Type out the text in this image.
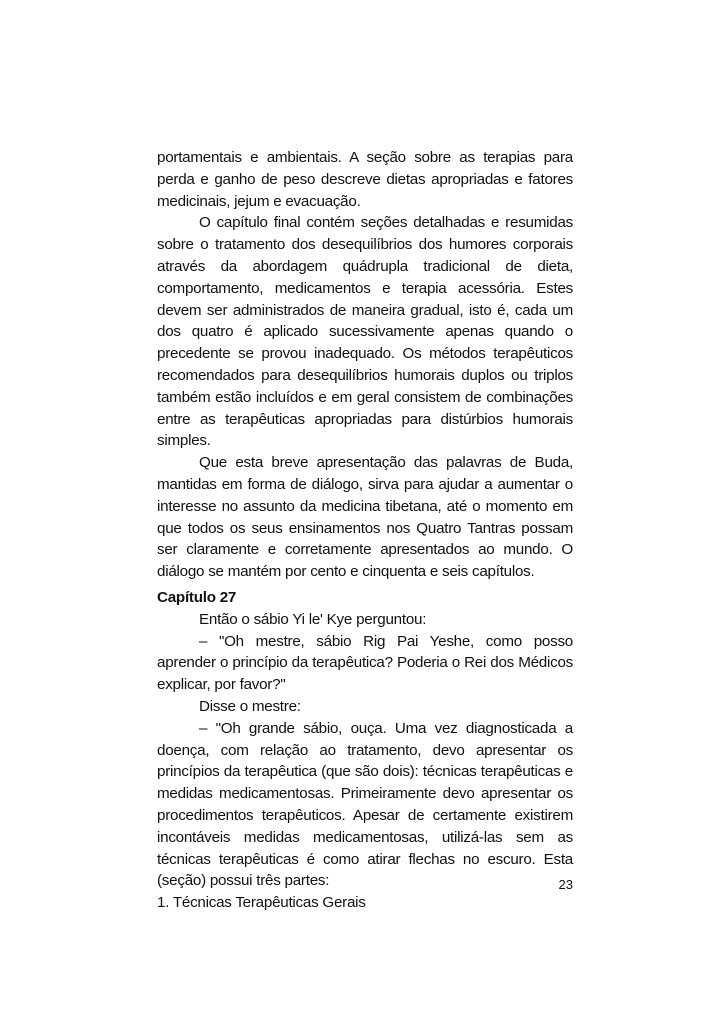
portamentais e ambientais. A seção sobre as terapias para perda e ganho de peso descreve dietas apropriadas e fatores medicinais, jejum e evacuação.

O capítulo final contém seções detalhadas e resumidas sobre o tratamento dos desequilíbrios dos humores corporais através da abordagem quádrupla tradicional de dieta, comportamento, medicamentos e terapia acessória. Estes devem ser administrados de maneira gradual, isto é, cada um dos quatro é aplicado sucessivamente apenas quando o precedente se provou inadequado. Os métodos terapêuticos recomendados para desequilíbrios humorais duplos ou triplos também estão incluídos e em geral consistem de combinações entre as terapêuticas apropriadas para distúrbios humorais simples.

Que esta breve apresentação das palavras de Buda, mantidas em forma de diálogo, sirva para ajudar a aumentar o interesse no assunto da medicina tibetana, até o momento em que todos os seus ensinamentos nos Quatro Tantras possam ser claramente e corretamente apresentados ao mundo. O diálogo se mantém por cento e cinquenta e seis capítulos.

Capítulo 27

Então o sábio Yi le' Kye perguntou:

– "Oh mestre, sábio Rig Pai Yeshe, como posso aprender o princípio da terapêutica? Poderia o Rei dos Médicos explicar, por favor?"

Disse o mestre:

– "Oh grande sábio, ouça. Uma vez diagnosticada a doença, com relação ao tratamento, devo apresentar os princípios da terapêutica (que são dois): técnicas terapêuticas e medidas medicamentosas. Primeiramente devo apresentar os procedimentos terapêuticos. Apesar de certamente existirem incontáveis medidas medicamentosas, utilizá-las sem as técnicas terapêuticas é como atirar flechas no escuro. Esta (seção) possui três partes:

1. Técnicas Terapêuticas Gerais

23
